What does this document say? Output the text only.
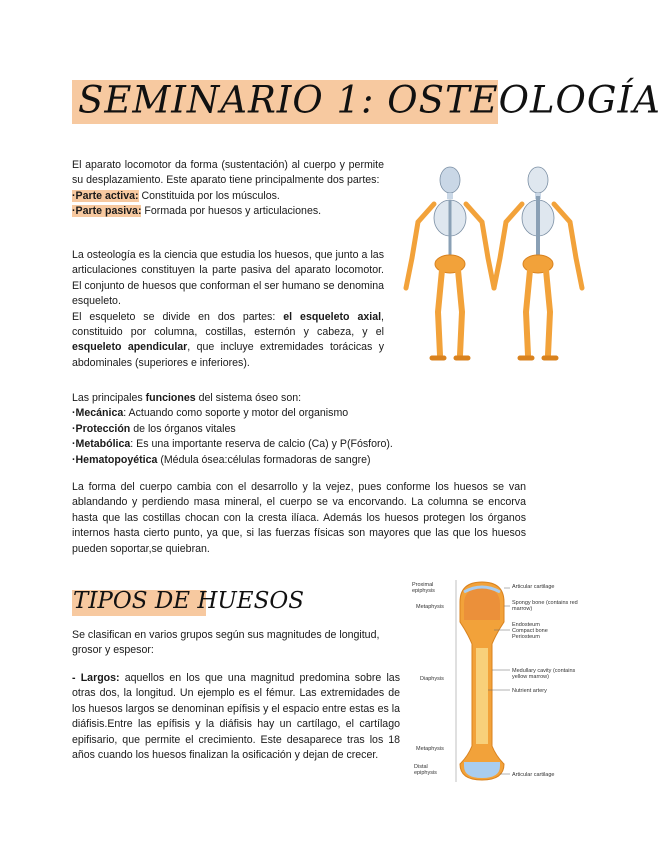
SEMINARIO 1: OSTEOLOGÍA
El aparato locomotor da forma (sustentación) al cuerpo y permite su desplazamiento. Este aparato tiene principalmente dos partes:
·Parte activa: Constituida por los músculos.
·Parte pasiva: Formada por huesos y articulaciones.
La osteología es la ciencia que estudia los huesos, que junto a las articulaciones constituyen la parte pasiva del aparato locomotor. El conjunto de huesos que conforman el ser humano se denomina esqueleto.
El esqueleto se divide en dos partes: el esqueleto axial, constituido por columna, costillas, esternón y cabeza, y el esqueleto apendicular, que incluye extremidades torácicas y abdominales (superiores e inferiores).
Las principales funciones del sistema óseo son:
·Mecánica: Actuando como soporte y motor del organismo
·Protección de los órganos vitales
·Metabólica: Es una importante reserva de calcio (Ca) y P(Fósforo).
·Hematopoyética (Médula ósea:células formadoras de sangre)
La forma del cuerpo cambia con el desarrollo y la vejez, pues conforme los huesos se van ablandando y perdiendo masa mineral, el cuerpo se va encorvando. La columna se encorva hasta que las costillas chocan con la cresta ilíaca. Además los huesos protegen los órganos internos hasta cierto punto, ya que, si las fuerzas físicas son mayores que las que los huesos pueden soportar,se quiebran.
TIPOS DE HUESOS
Se clasifican en varios grupos según sus magnitudes de longitud, grosor y espesor:
- Largos: aquellos en los que una magnitud predomina sobre las otras dos, la longitud. Un ejemplo es el fémur. Las extremidades de los huesos largos se denominan epífisis y el espacio entre estas es la diáfisis.Entre las epífisis y la diáfisis hay un cartílago, el cartílago epifisario, que permite el crecimiento. Este desaparece tras los 18 años cuando los huesos finalizan la osificación y dejan de crecer.
Proximal epiphysis
Metaphysis
Diaphysis
Metaphysis
Distal epiphysis
Articular cartilage
Spongy bone (contains red marrow)
Endosteum
Compact bone
Periosteum
Medullary cavity (contains yellow marrow)
Nutrient artery
Articular cartilage
